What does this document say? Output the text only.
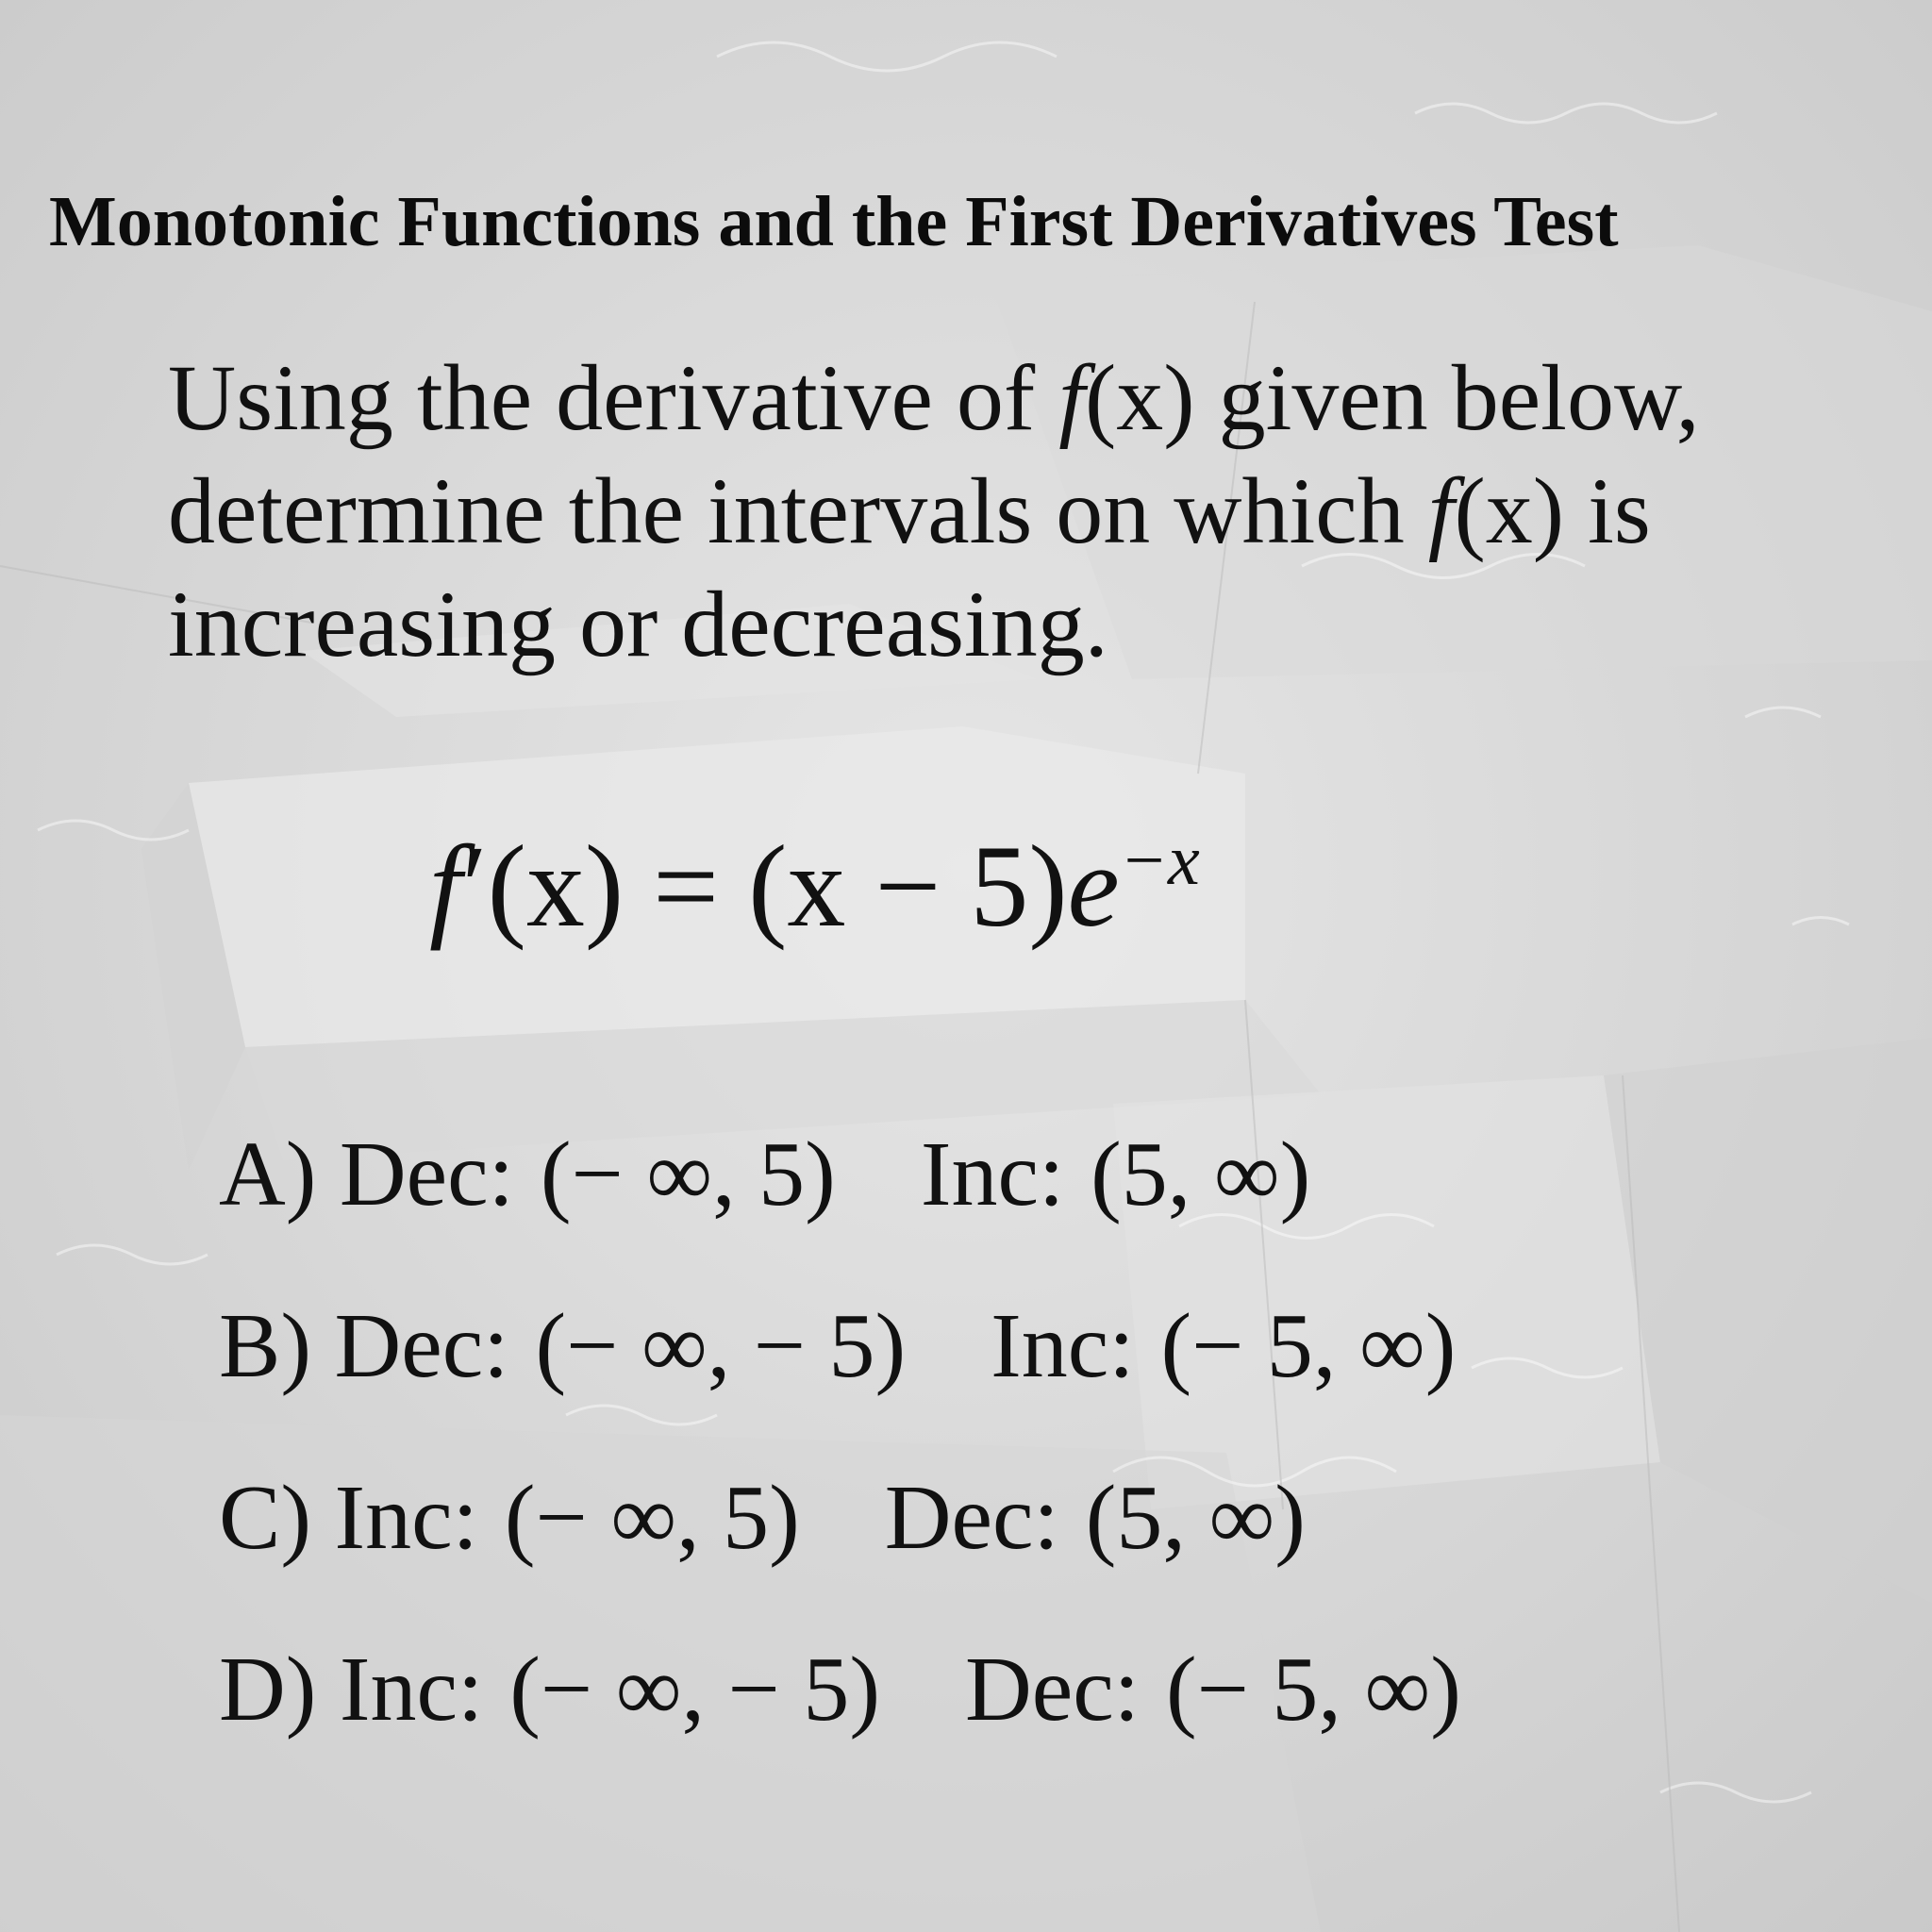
Monotonic Functions and the First Derivatives Test
Using the derivative of f(x) given below,
determine the intervals on which f(x) is
increasing or decreasing.
$f'(x) = (x - 5)e^{-x}$
A) Dec: (− ∞, 5) Inc: (5, ∞)
B) Dec: (− ∞, − 5) Inc: (− 5, ∞)
C) Inc: (− ∞, 5) Dec: (5, ∞)
D) Inc: (− ∞, − 5) Dec: (− 5, ∞)
